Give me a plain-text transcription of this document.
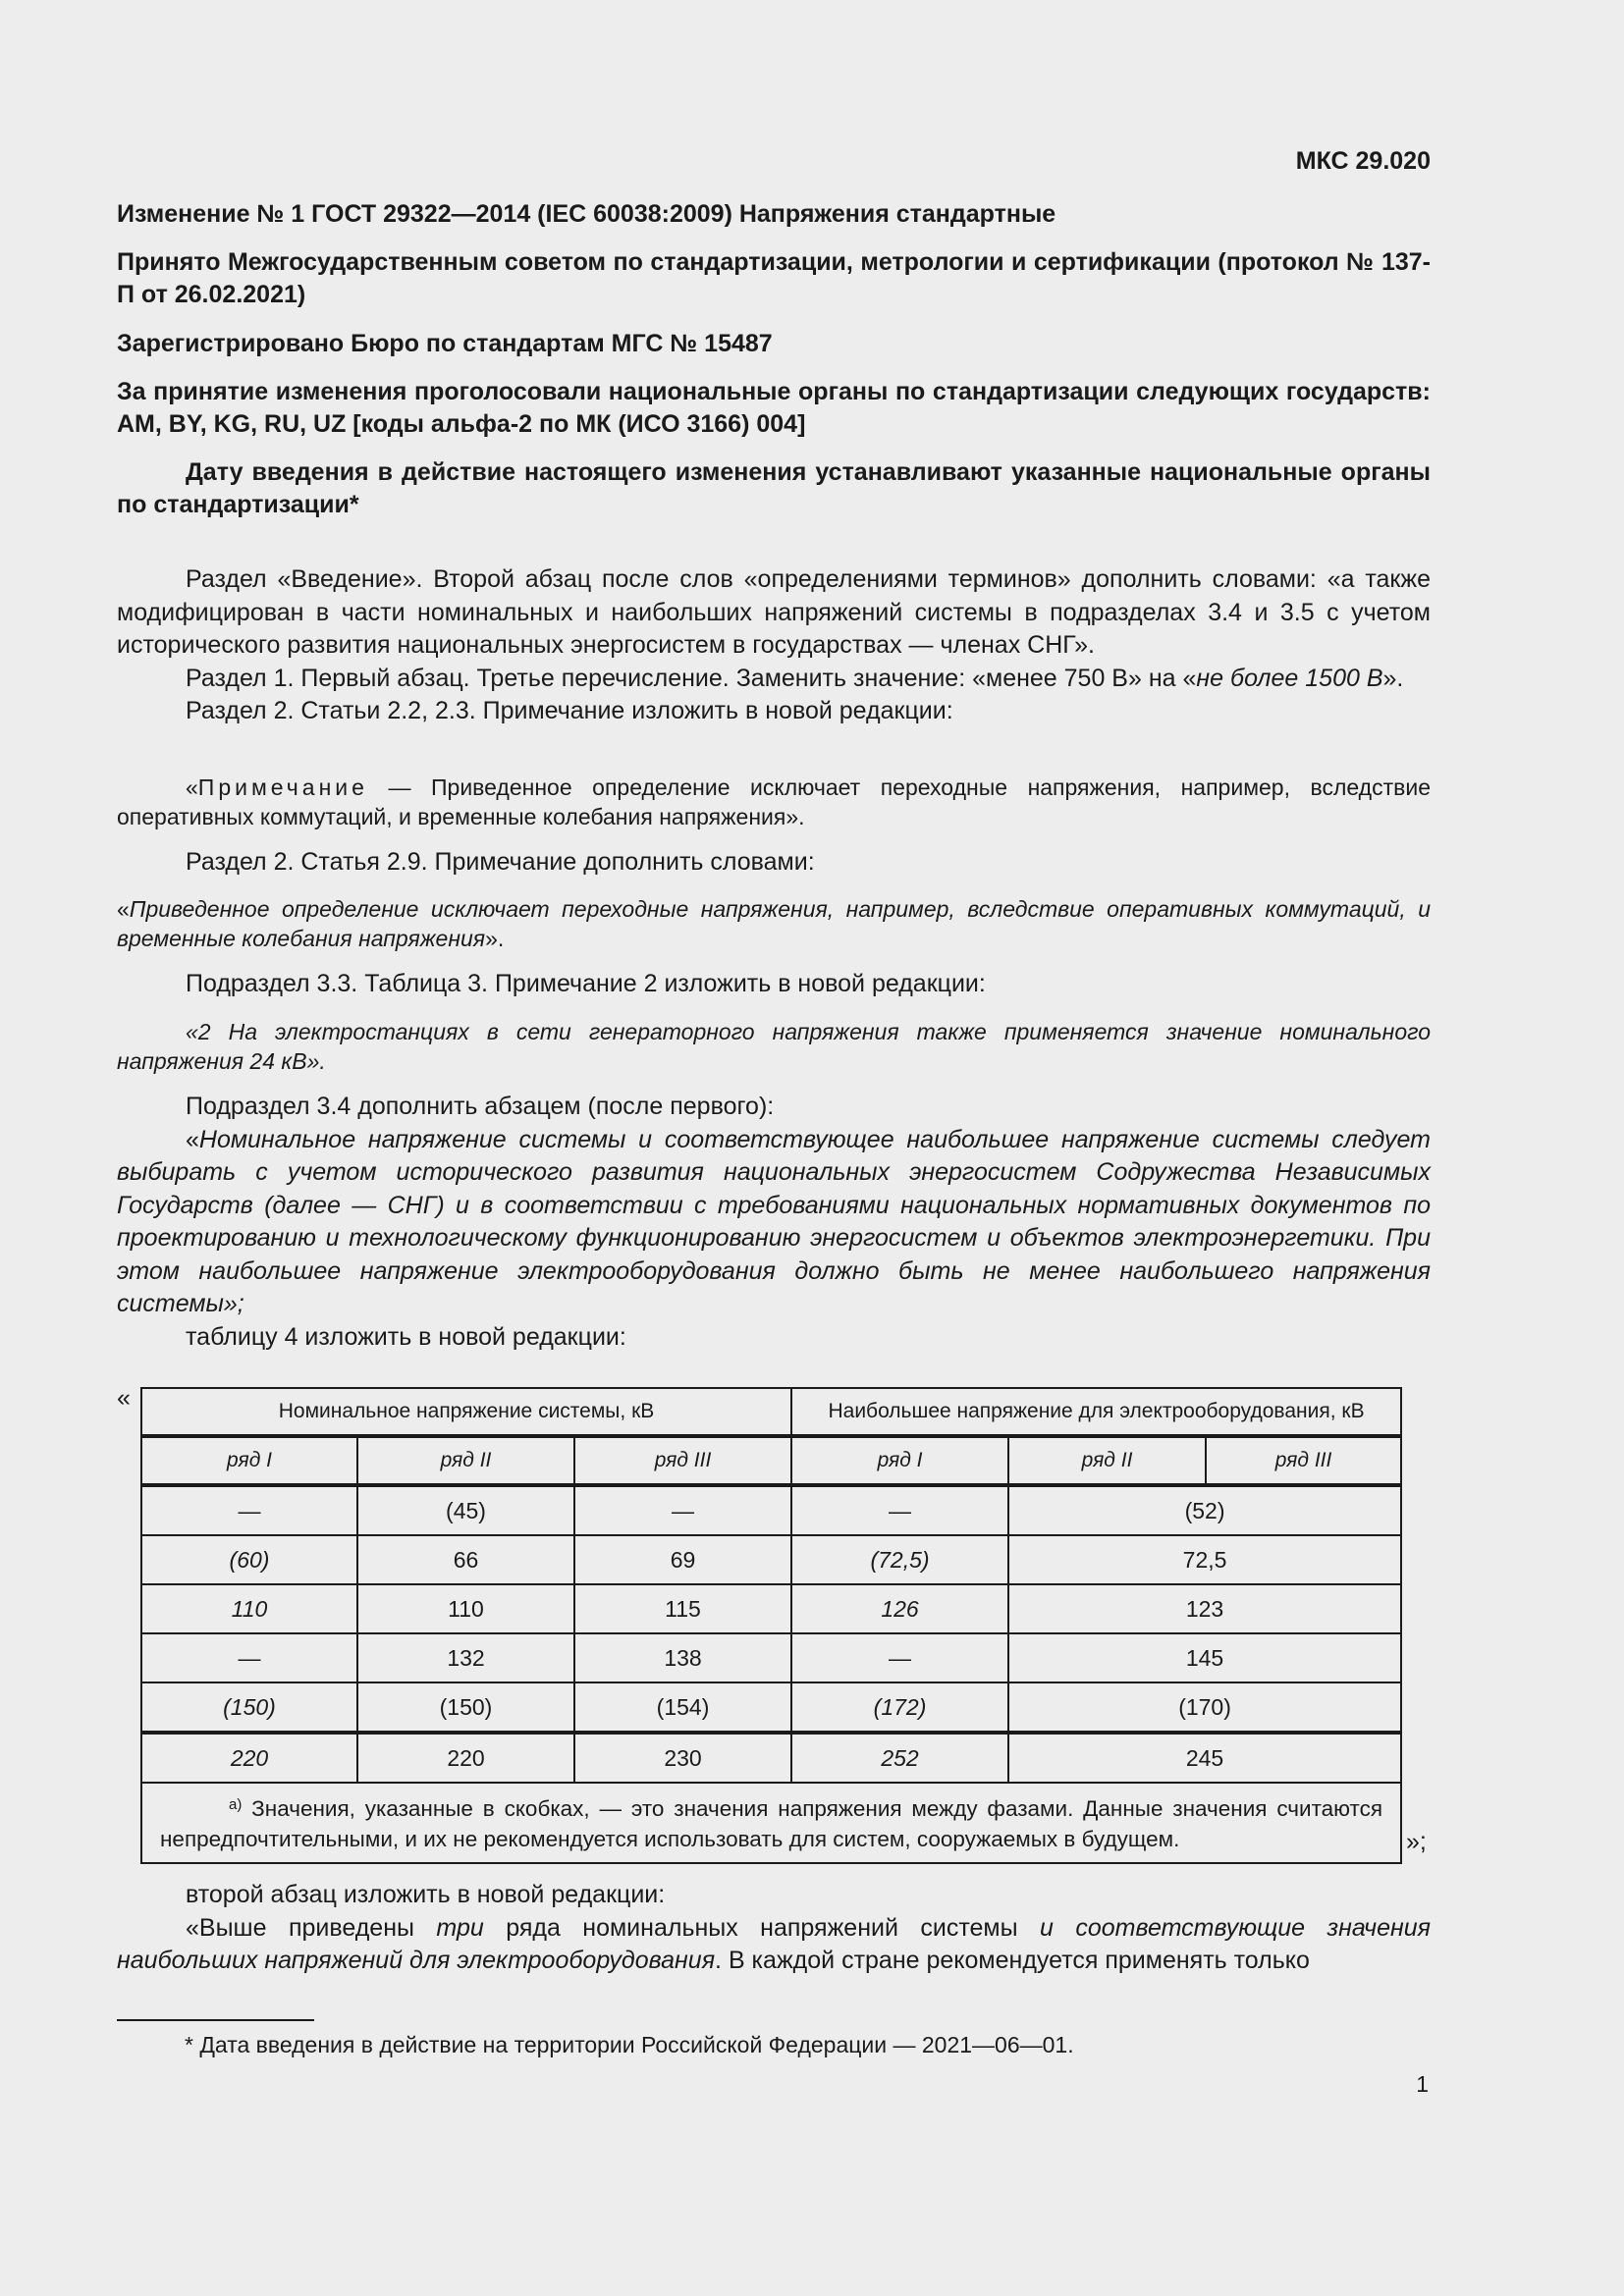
МКС 29.020

Изменение № 1 ГОСТ 29322—2014 (IEC 60038:2009) Напряжения стандартные

Принято Межгосударственным советом по стандартизации, метрологии и сертификации (протокол № 137-П от 26.02.2021)

Зарегистрировано Бюро по стандартам МГС № 15487

За принятие изменения проголосовали национальные органы по стандартизации следующих государств: AM, BY, KG, RU, UZ [коды альфа-2 по МК (ИСО 3166) 004]

Дату введения в действие настоящего изменения устанавливают указанные национальные органы по стандартизации*

Раздел «Введение». Второй абзац после слов «определениями терминов» дополнить словами: «а также модифицирован в части номинальных и наибольших напряжений системы в подразделах 3.4 и 3.5 с учетом исторического развития национальных энергосистем в государствах — членах СНГ».

Раздел 1. Первый абзац. Третье перечисление. Заменить значение: «менее 750 В» на «не более 1500 В».

Раздел 2. Статьи 2.2, 2.3. Примечание изложить в новой редакции:

«Примечание — Приведенное определение исключает переходные напряжения, например, вследствие оперативных коммутаций, и временные колебания напряжения».

Раздел 2. Статья 2.9. Примечание дополнить словами:

«Приведенное определение исключает переходные напряжения, например, вследствие оперативных коммутаций, и временные колебания напряжения».

Подраздел 3.3. Таблица 3. Примечание 2 изложить в новой редакции:

«2 На электростанциях в сети генераторного напряжения также применяется значение номинального напряжения 24 кВ».

Подраздел 3.4 дополнить абзацем (после первого):

«Номинальное напряжение системы и соответствующее наибольшее напряжение системы следует выбирать с учетом исторического развития национальных энергосистем Содружества Независимых Государств (далее — СНГ) и в соответствии с требованиями национальных нормативных документов по проектированию и технологическому функционированию энергосистем и объектов электроэнергетики. При этом наибольшее напряжение электрооборудования должно быть не менее наибольшего напряжения системы»;

таблицу 4 изложить в новой редакции:

«	Номинальное напряжение системы, кВ			Наибольшее напряжение для электрооборудования, кВ		
ряд I	ряд II	ряд III	ряд I	ряд II	ряд III
—	(45)	—	—	(52)	
(60)	66	69	(72,5)	72,5	
110	110	115	126	123	
—	132	138	—	145	
(150)	(150)	(154)	(172)	(170)	
220	220	230	252	245	
$^{а)}$ Значения, указанные в скобках, — это значения напряжения между фазами. Данные значения считаются непредпочтительными, и их не рекомендуется использовать для систем, сооружаемых в будущем.						»;

второй абзац изложить в новой редакции:

«Выше приведены три ряда номинальных напряжений системы и соответствующие значения наибольших напряжений для электрооборудования. В каждой стране рекомендуется применять только

* Дата введения в действие на территории Российской Федерации — 2021—06—01.
1
